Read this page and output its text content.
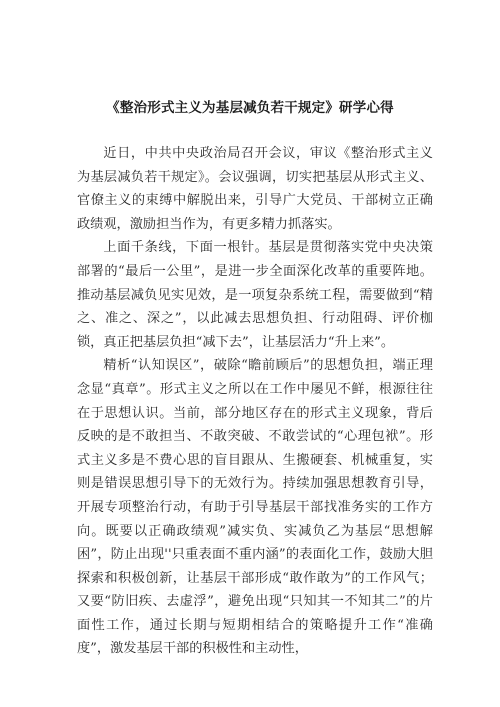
《整治形式主义为基层减负若干规定》研学心得

近日，中共中央政治局召开会议，审议《整治形式主义为基层减负若干规定》。会议强调，切实把基层从形式主义、官僚主义的束缚中解脱出来，引导广大党员、干部树立正确政绩观，激励担当作为，有更多精力抓落实。

上面千条线，下面一根针。基层是贯彻落实党中央决策部署的“最后一公里”，是进一步全面深化改革的重要阵地。推动基层减负见实见效，是一项复杂系统工程，需要做到“精之、准之、深之”，以此减去思想负担、行动阻碍、评价枷锁，真正把基层负担“减下去”，让基层活力“升上来”。

精析“认知误区”，破除“瞻前顾后”的思想负担，端正理念显“真章”。形式主义之所以在工作中屡见不鲜，根源往往在于思想认识。当前，部分地区存在的形式主义现象，背后反映的是不敢担当、不敢突破、不敢尝试的“心理包袱”。形式主义多是不费心思的盲目跟从、生搬硬套、机械重复，实则是错误思想引导下的无效行为。持续加强思想教育引导，开展专项整治行动，有助于引导基层干部找准务实的工作方向。既要以正确政绩观”减实负、实减负乙为基层“思想解困”，防止出现''只重表面不重内涵”的表面化工作，鼓励大胆探索和积极创新，让基层干部形成“敢作敢为”的工作风气；又要“防旧疾、去虚浮”，避免出现“只知其一不知其二”的片面性工作，通过长期与短期相结合的策略提升工作“准确度”，激发基层干部的积极性和主动性，
